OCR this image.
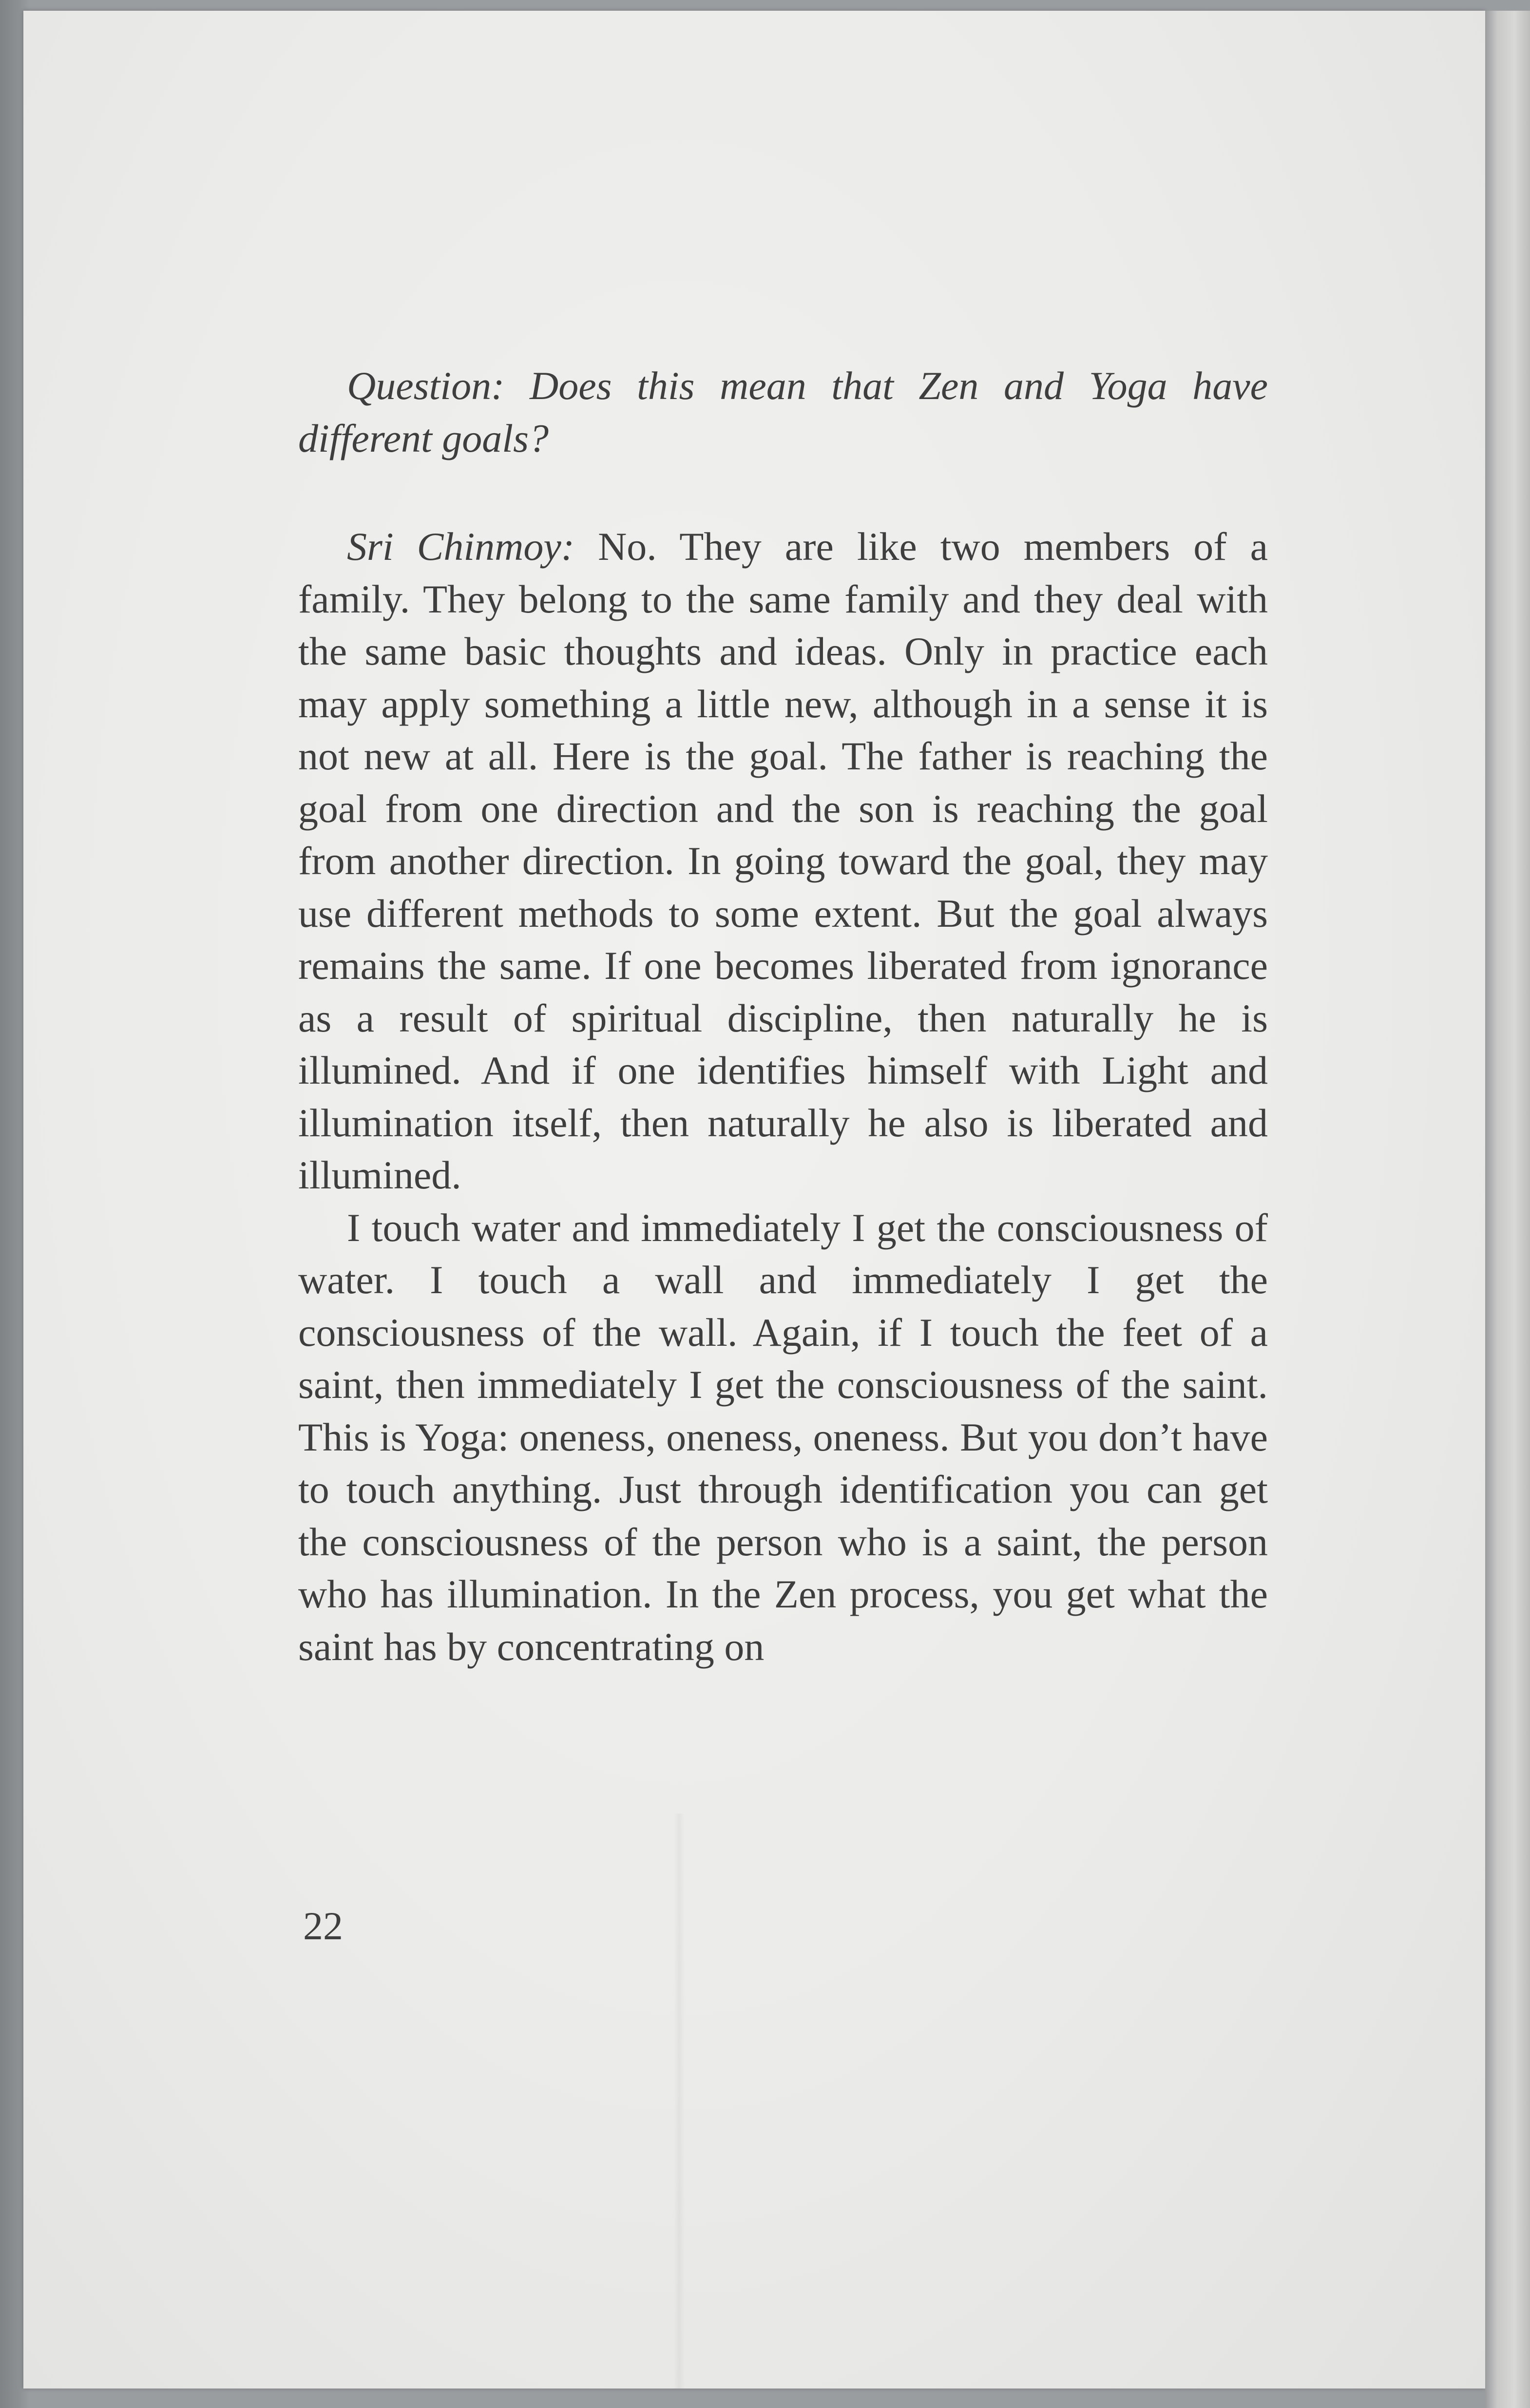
Question: Does this mean that Zen and Yoga have different goals?

Sri Chinmoy: No. They are like two members of a family. They belong to the same family and they deal with the same basic thoughts and ideas. Only in practice each may apply something a little new, although in a sense it is not new at all. Here is the goal. The father is reaching the goal from one direction and the son is reaching the goal from another direction. In going toward the goal, they may use different methods to some extent. But the goal always remains the same. If one becomes liberated from ignorance as a result of spiritual discipline, then naturally he is illumined. And if one identifies himself with Light and illumination itself, then naturally he also is liberated and illumined.

I touch water and immediately I get the consciousness of water. I touch a wall and immediately I get the consciousness of the wall. Again, if I touch the feet of a saint, then immediately I get the consciousness of the saint. This is Yoga: oneness, oneness, oneness. But you don’t have to touch anything. Just through identification you can get the consciousness of the person who is a saint, the person who has illumination. In the Zen process, you get what the saint has by concentrating on

22
